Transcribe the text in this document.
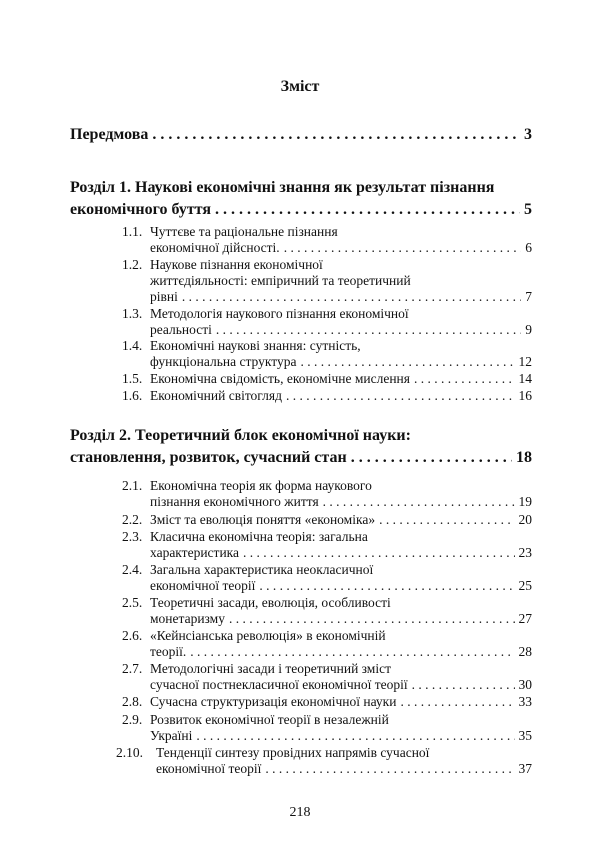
Зміст
Передмова . . .	3
Розділ 1. Наукові економічні знання як результат пізнання
економічного буття . . .	5
1.1. Чуттєве та раціональне пізнання
економічної дійсності. . . .	6
1.2. Наукове пізнання економічної
життєдіяльності: емпіричний та теоретичний
рівні . . .	7
1.3. Методологія наукового пізнання економічної
реальності . . .	9
1.4. Економічні наукові знання: сутність,
функціональна структура . . .	12
1.5. Економічна свідомість, економічне мислення . . .	14
1.6. Економічний світогляд . . .	16
Розділ 2. Теоретичний блок економічної науки:
становлення, розвиток, сучасний стан . . .	18
2.1. Економічна теорія як форма наукового
пізнання економічного життя . . .	19
2.2. Зміст та еволюція поняття «економіка» . . .	20
2.3. Класична економічна теорія: загальна
характеристика . . .	23
2.4. Загальна характеристика неокласичної
економічної теорії . . .	25
2.5. Теоретичні засади, еволюція, особливості
монетаризму . . .	27
2.6. «Кейнсіанська революція» в економічній
теорії. . . .	28
2.7. Методологічні засади і теоретичний зміст
сучасної постнекласичної економічної теорії . . .	30
2.8. Сучасна структуризація економічної науки . . .	33
2.9. Розвиток економічної теорії в незалежній
Україні . . .	35
2.10. Тенденції синтезу провідних напрямів сучасної
економічної теорії . . .	37
218
